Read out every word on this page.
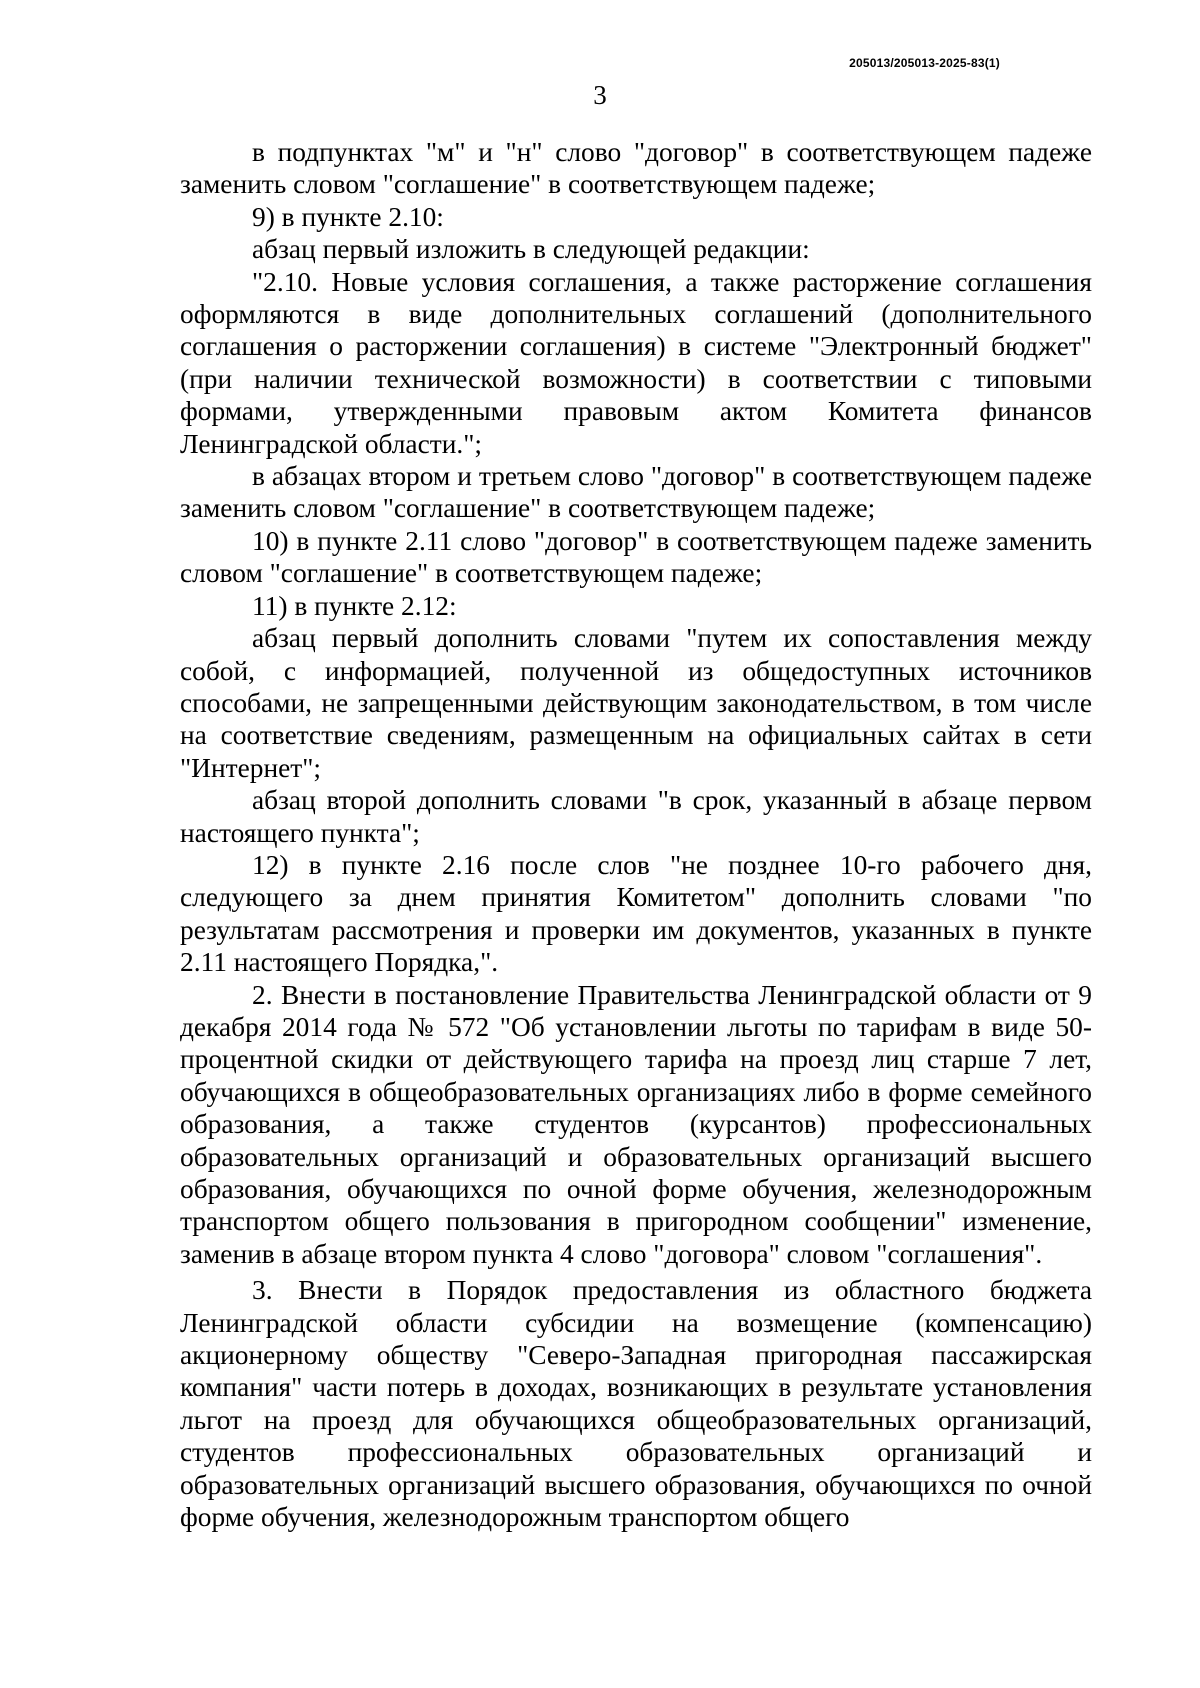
205013/205013-2025-83(1)
3

в подпунктах "м" и "н" слово "договор" в соответствующем падеже заменить словом "соглашение" в соответствующем падеже;

9) в пункте 2.10:

абзац первый изложить в следующей редакции:

"2.10. Новые условия соглашения, а также расторжение соглашения оформляются в виде дополнительных соглашений (дополнительного соглашения о расторжении соглашения) в системе "Электронный бюджет" (при наличии технической возможности) в соответствии с типовыми формами, утвержденными правовым актом Комитета финансов Ленинградской области.";

в абзацах втором и третьем слово "договор" в соответствующем падеже заменить словом "соглашение" в соответствующем падеже;

10) в пункте 2.11 слово "договор" в соответствующем падеже заменить словом "соглашение" в соответствующем падеже;

11) в пункте 2.12:

абзац первый дополнить словами "путем их сопоставления между собой, с информацией, полученной из общедоступных источников способами, не запрещенными действующим законодательством, в том числе на соответствие сведениям, размещенным на официальных сайтах в сети "Интернет";

абзац второй дополнить словами "в срок, указанный в абзаце первом настоящего пункта";

12) в пункте 2.16 после слов "не позднее 10-го рабочего дня, следующего за днем принятия Комитетом" дополнить словами "по результатам рассмотрения и проверки им документов, указанных в пункте 2.11 настоящего Порядка,".

2. Внести в постановление Правительства Ленинградской области от 9 декабря 2014 года № 572 "Об установлении льготы по тарифам в виде 50-процентной скидки от действующего тарифа на проезд лиц старше 7 лет, обучающихся в общеобразовательных организациях либо в форме семейного образования, а также студентов (курсантов) профессиональных образовательных организаций и образовательных организаций высшего образования, обучающихся по очной форме обучения, железнодорожным транспортом общего пользования в пригородном сообщении" изменение, заменив в абзаце втором пункта 4 слово "договора" словом "соглашения".

3. Внести в Порядок предоставления из областного бюджета Ленинградской области субсидии на возмещение (компенсацию) акционерному обществу "Северо-Западная пригородная пассажирская компания" части потерь в доходах, возникающих в результате установления льгот на проезд для обучающихся общеобразовательных организаций, студентов профессиональных образовательных организаций и образовательных организаций высшего образования, обучающихся по очной форме обучения, железнодорожным транспортом общего
